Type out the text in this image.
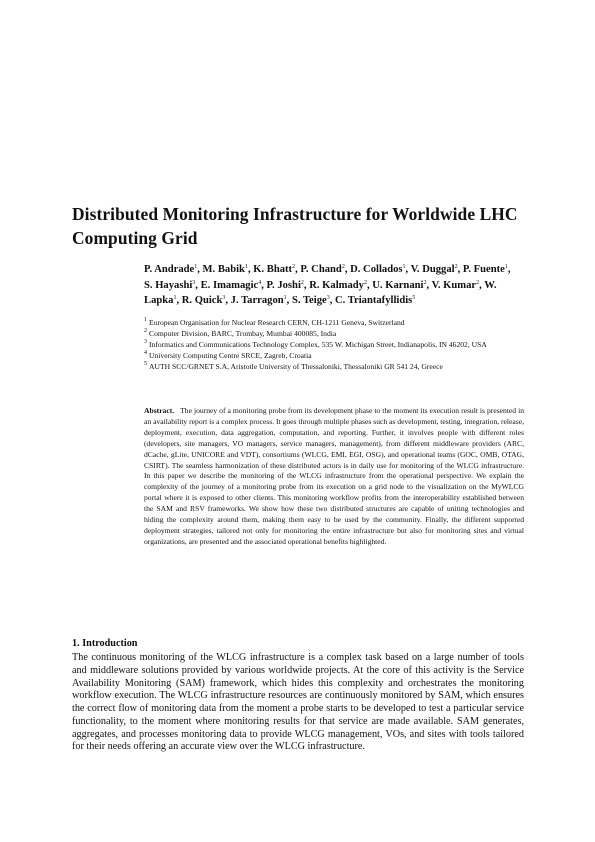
Distributed Monitoring Infrastructure for Worldwide LHC Computing Grid

P. Andrade$^1$, M. Babik$^1$, K. Bhatt$^2$, P. Chand$^2$, D. Collados$^1$, V. Duggal$^2$, P. Fuente$^1$, S. Hayashi$^3$, E. Imamagic$^4$, P. Joshi$^2$, R. Kalmady$^2$, U. Karnani$^2$, V. Kumar$^2$, W. Lapka$^1$, R. Quick$^3$, J. Tarragon$^1$, S. Teige$^3$, C. Triantafyllidis$^5$

$^1$ European Organisation for Nuclear Research CERN, CH-1211 Geneva, Switzerland
$^2$ Computer Division, BARC, Trombay, Mumbai 400085, India
$^3$ Informatics and Communications Technology Complex, 535 W. Michigan Street, Indianapolis, IN 46202, USA
$^4$ University Computing Centre SRCE, Zagreb, Croatia
$^5$ AUTH SCC/GRNET S.A, Aristotle University of Thessaloniki, Thessaloniki GR 541 24, Greece

Abstract. The journey of a monitoring probe from its development phase to the moment its execution result is presented in an availability report is a complex process. It goes through multiple phases such as development, testing, integration, release, deployment, execution, data aggregation, computation, and reporting. Further, it involves people with different roles (developers, site managers, VO managers, service managers, management), from different middleware providers (ARC, dCache, gLite, UNICORE and VDT), consortiums (WLCG, EMI, EGI, OSG), and operational teams (GOC, OMB, OTAG, CSIRT). The seamless harmonization of these distributed actors is in daily use for monitoring of the WLCG infrastructure. In this paper we describe the monitoring of the WLCG infrastructure from the operational perspective. We explain the complexity of the journey of a monitoring probe from its execution on a grid node to the visualization on the MyWLCG portal where it is exposed to other clients. This monitoring workflow profits from the interoperability established between the SAM and RSV frameworks. We show how these two distributed structures are capable of uniting technologies and hiding the complexity around them, making them easy to be used by the community. Finally, the different supported deployment strategies, tailored not only for monitoring the entire infrastructure but also for monitoring sites and virtual organizations, are presented and the associated operational benefits highlighted.

1. Introduction

The continuous monitoring of the WLCG infrastructure is a complex task based on a large number of tools and middleware solutions provided by various worldwide projects. At the core of this activity is the Service Availability Monitoring (SAM) framework, which hides this complexity and orchestrates the monitoring workflow execution. The WLCG infrastructure resources are continuously monitored by SAM, which ensures the correct flow of monitoring data from the moment a probe starts to be developed to test a particular service functionality, to the moment where monitoring results for that service are made available. SAM generates, aggregates, and processes monitoring data to provide WLCG management, VOs, and sites with tools tailored for their needs offering an accurate view over the WLCG infrastructure.
